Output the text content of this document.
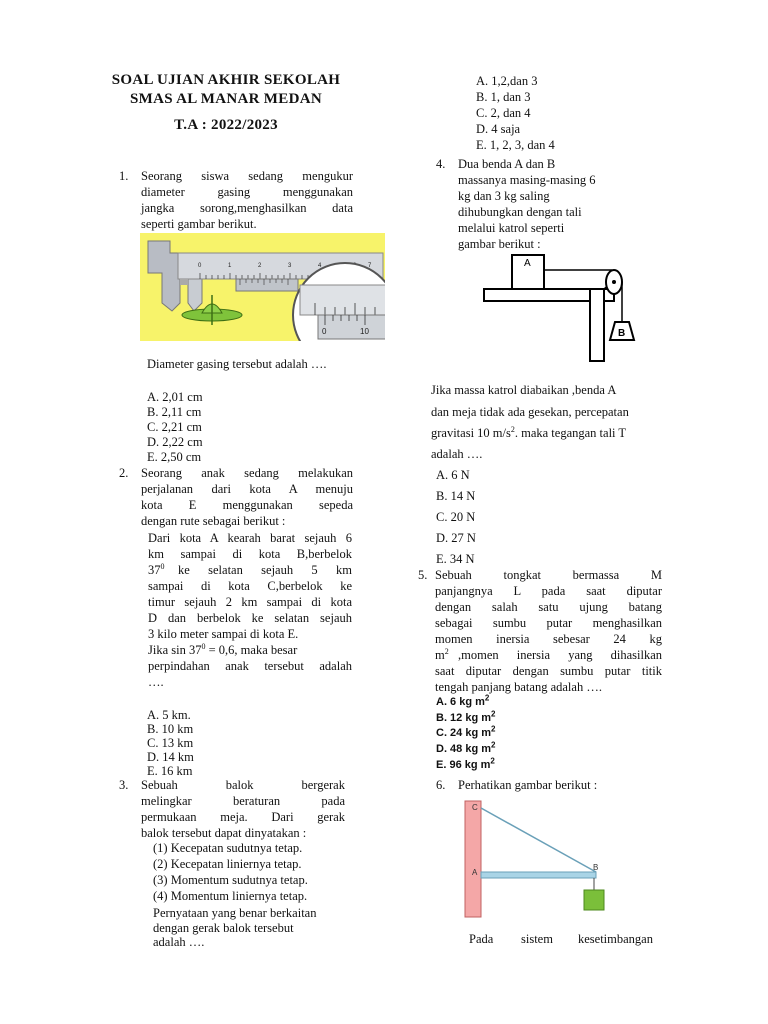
SOAL UJIAN AKHIR SEKOLAH
SMAS AL MANAR MEDAN
T.A : 2022/2023
1. Seorang siswa sedang mengukur
diameter gasing menggunakan
jangka sorong,menghasilkan data
seperti gambar berikut.
0	1	2	3	4	7
0	10
Diameter gasing tersebut adalah ….
A. 2,01 cm
B. 2,11 cm
C. 2,21 cm
D. 2,22 cm
E. 2,50 cm
2. Seorang anak sedang melakukan
perjalanan dari kota A menuju
kota E menggunakan sepeda
dengan rute sebagai berikut :
Dari kota A kearah barat sejauh 6
km sampai di kota B,berbelok
$37^0$ ke selatan sejauh 5 km
sampai di kota C,berbelok ke
timur sejauh 2 km sampai di kota
D dan berbelok ke selatan sejauh
3 kilo meter sampai di kota E.
Jika $\sin 37^0 = 0,6$, maka besar
perpindahan anak tersebut adalah
….
A. 5 km.
B. 10 km
C. 13 km
D. 14 km
E. 16 km
3. Sebuah balok bergerak
melingkar beraturan pada
permukaan meja. Dari gerak
balok tersebut dapat dinyatakan :
(1) Kecepatan sudutnya tetap.
(2) Kecepatan liniernya tetap.
(3) Momentum sudutnya tetap.
(4) Momentum liniernya tetap.
Pernyataan yang benar berkaitan
dengan gerak balok tersebut
adalah ….
A. 1,2,dan 3
B. 1, dan 3
C. 2, dan 4
D. 4 saja
E. 1, 2, 3, dan 4
4. Dua benda A dan B
massanya masing-masing 6
kg dan 3 kg saling
dihubungkan dengan tali
melalui katrol seperti
gambar berikut :
A
B
Jika massa katrol diabaikan ,benda A
dan meja tidak ada gesekan, percepatan
gravitasi 10 $m/s^2$. maka tegangan tali T
adalah ….
A. 6 N
B. 14 N
C. 20 N
D. 27 N
E. 34 N
5. Sebuah tongkat bermassa M
panjangnya L pada saat diputar
dengan salah satu ujung batang
sebagai sumbu putar menghasilkan
momen inersia sebesar 24 kg
$m^2$ ,momen inersia yang dihasilkan
saat diputar dengan sumbu putar titik
tengah panjang batang adalah ….
A. 6 kg $m^2$
B. 12 kg $m^2$
C. 24 kg $m^2$
D. 48 kg $m^2$
E. 96 kg $m^2$
6. Perhatikan gambar berikut :
C
A
B
Pada sistem kesetimbangan
